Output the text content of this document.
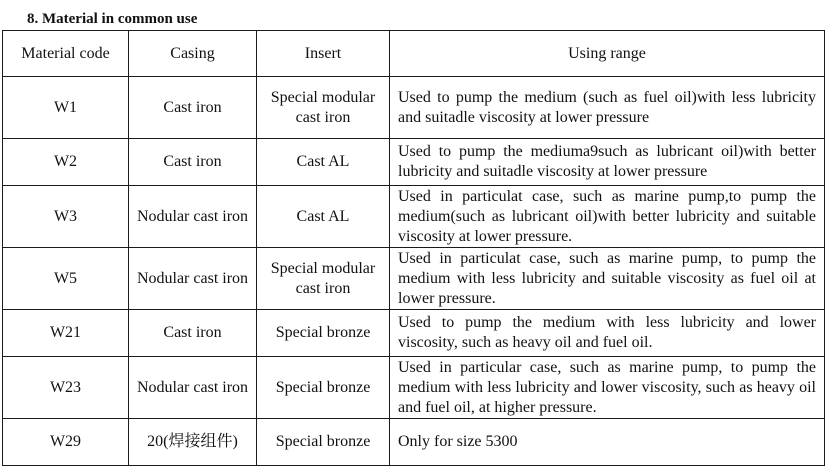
8. Material in common use
Material code	Casing	Insert	Using range
W1	Cast iron	Special modular cast iron	Used to pump the medium (such as fuel oil)with less lubricity and suitadle viscosity at lower pressure
W2	Cast iron	Cast AL	Used to pump the mediuma9such as lubricant oil)with better lubricity and suitadle viscosity at lower pressure
W3	Nodular cast iron	Cast AL	Used in particulat case, such as marine pump,to pump the medium(such as lubricant oil)with better lubricity and suitable viscosity at lower pressure.
W5	Nodular cast iron	Special modular cast iron	Used in particulat case, such as marine pump, to pump the medium with less lubricity and suitable viscosity as fuel oil at lower pressure.
W21	Cast iron	Special bronze	Used to pump the medium with less lubricity and lower viscosity, such as heavy oil and fuel oil.
W23	Nodular cast iron	Special bronze	Used in particular case, such as marine pump, to pump the medium with less lubricity and lower viscosity, such as heavy oil and fuel oil, at higher pressure.
W29	20(焊接组件)	Special bronze	Only for size 5300
